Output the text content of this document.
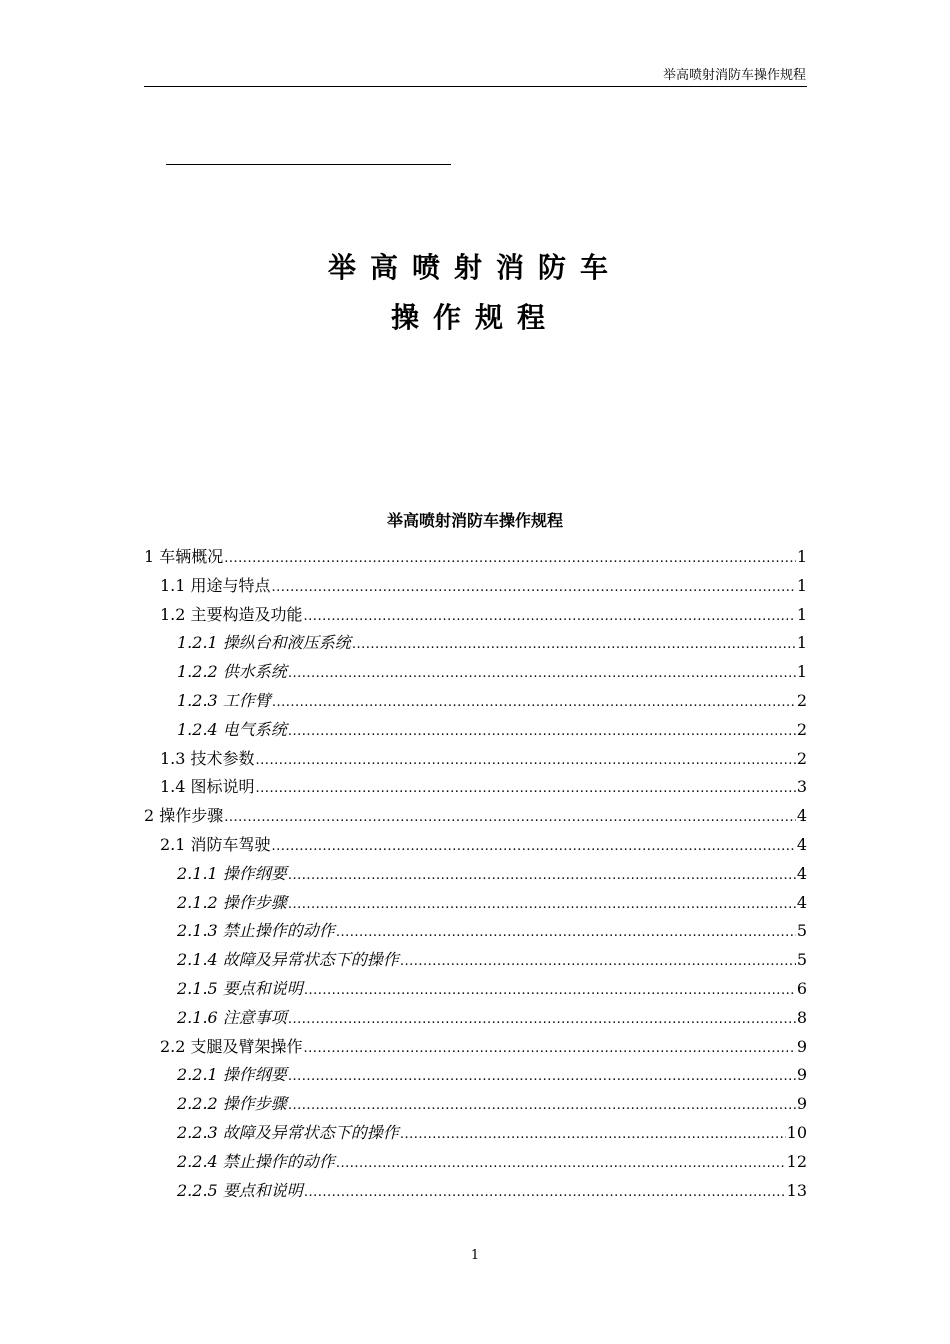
举高喷射消防车操作规程
举高喷射消防车
操作规程
举高喷射消防车操作规程
1 车辆概况 .....	1
1.1 用途与特点 .....	1
1.2 主要构造及功能 .....	1
1.2.1 操纵台和液压系统 .....	1
1.2.2 供水系统 .....	1
1.2.3 工作臂 .....	2
1.2.4 电气系统 .....	2
1.3 技术参数 .....	2
1.4 图标说明 .....	3
2 操作步骤 .....	4
2.1 消防车驾驶 .....	4
2.1.1 操作纲要 .....	4
2.1.2 操作步骤 .....	4
2.1.3 禁止操作的动作 .....	5
2.1.4 故障及异常状态下的操作 .....	5
2.1.5 要点和说明 .....	6
2.1.6 注意事项 .....	8
2.2 支腿及臂架操作 .....	9
2.2.1 操作纲要 .....	9
2.2.2 操作步骤 .....	9
2.2.3 故障及异常状态下的操作 .....	10
2.2.4 禁止操作的动作 .....	12
2.2.5 要点和说明 .....	13
1
